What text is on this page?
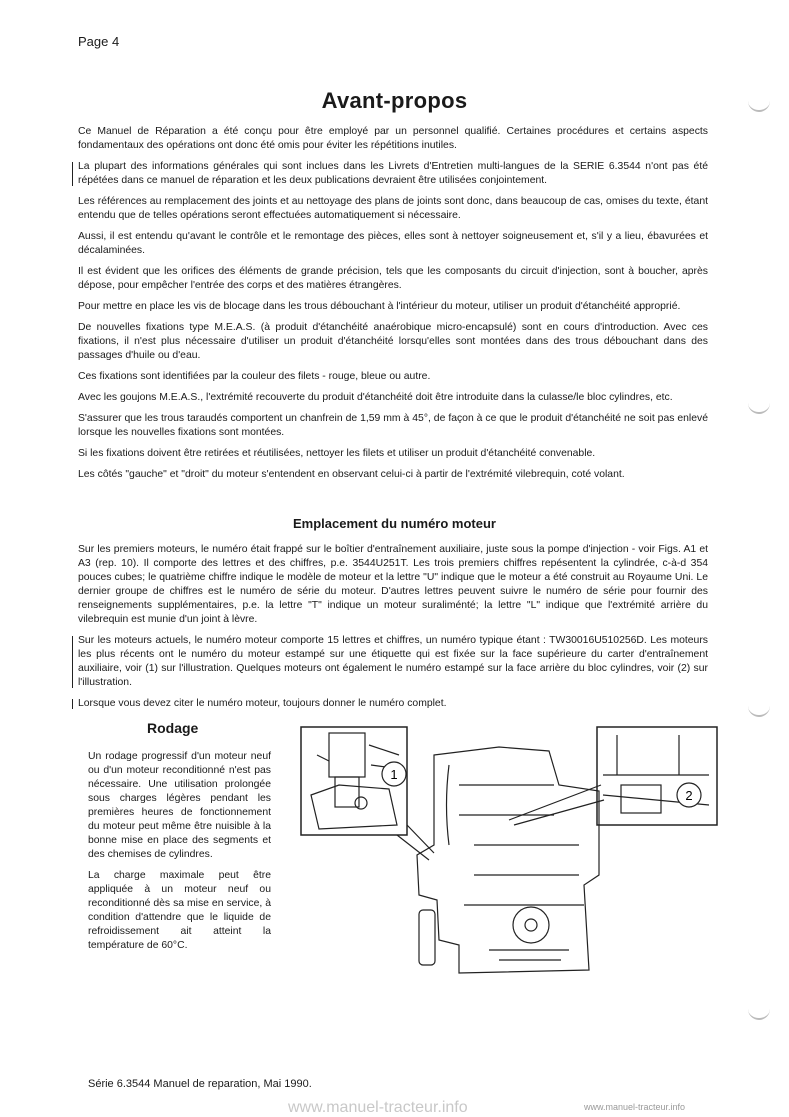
Page 4
Avant-propos

Ce Manuel de Réparation a été conçu pour être employé par un personnel qualifié. Certaines procédures et certains aspects fondamentaux des opérations ont donc été omis pour éviter les répétitions inutiles.

La plupart des informations générales qui sont inclues dans les Livrets d'Entretien multi-langues de la SERIE 6.3544 n'ont pas été répétées dans ce manuel de réparation et les deux publications devraient être utilisées conjointement.

Les références au remplacement des joints et au nettoyage des plans de joints sont donc, dans beaucoup de cas, omises du texte, étant entendu que de telles opérations seront effectuées automatiquement si nécessaire.

Aussi, il est entendu qu'avant le contrôle et le remontage des pièces, elles sont à nettoyer soigneusement et, s'il y a lieu, ébavurées et décalaminées.

Il est évident que les orifices des éléments de grande précision, tels que les composants du circuit d'injection, sont à boucher, après dépose, pour empêcher l'entrée des corps et des matières étrangères.

Pour mettre en place les vis de blocage dans les trous débouchant à l'intérieur du moteur, utiliser un produit d'étanchéité approprié.

De nouvelles fixations type M.E.A.S. (à produit d'étanchéité anaérobique micro-encapsulé) sont en cours d'introduction. Avec ces fixations, il n'est plus nécessaire d'utiliser un produit d'étanchéité lorsqu'elles sont montées dans des trous débouchant dans des passages d'huile ou d'eau.

Ces fixations sont identifiées par la couleur des filets - rouge, bleue ou autre.

Avec les goujons M.E.A.S., l'extrémité recouverte du produit d'étanchéité doit être introduite dans la culasse/le bloc cylindres, etc.

S'assurer que les trous taraudés comportent un chanfrein de 1,59 mm à 45°, de façon à ce que le produit d'étanchéité ne soit pas enlevé lorsque les nouvelles fixations sont montées.

Si les fixations doivent être retirées et réutilisées, nettoyer les filets et utiliser un produit d'étanchéité convenable.

Les côtés "gauche" et "droit" du moteur s'entendent en observant celui-ci à partir de l'extrémité vilebrequin, coté volant.

Emplacement du numéro moteur

Sur les premiers moteurs, le numéro était frappé sur le boîtier d'entraînement auxiliaire, juste sous la pompe d'injection - voir Figs. A1 et A3 (rep. 10). Il comporte des lettres et des chiffres, p.e. 3544U251T. Les trois premiers chiffres repésentent la cylindrée, c-à-d 354 pouces cubes; le quatrième chiffre indique le modèle de moteur et la lettre "U" indique que le moteur a été construit au Royaume Uni. Le dernier groupe de chiffres est le numéro de série du moteur. D'autres lettres peuvent suivre le numéro de série pour fournir des renseignements supplémentaires, p.e. la lettre "T" indique un moteur suraliménté; la lettre "L" indique que l'extrémité arrière du vilebrequin est munie d'un joint à lèvre.

Sur les moteurs actuels, le numéro moteur comporte 15 lettres et chiffres, un numéro typique étant : TW30016U510256D. Les moteurs les plus récents ont le numéro du moteur estampé sur une étiquette qui est fixée sur la face supérieure du carter d'entraînement auxiliaire, voir (1) sur l'illustration. Quelques moteurs ont également le numéro estampé sur la face arrière du bloc cylindres, voir (2) sur l'illustration.

Lorsque vous devez citer le numéro moteur, toujours donner le numéro complet.

Rodage

Un rodage progressif d'un moteur neuf ou d'un moteur reconditionné n'est pas nécessaire. Une utilisation prolongée sous charges légères pendant les premières heures de fonctionnement du moteur peut même être nuisible à la bonne mise en place des segments et des chemises de cylindres.

La charge maximale peut être appliquée à un moteur neuf ou reconditionné dès sa mise en service, à condition d'attendre que le liquide de refroidissement ait atteint la température de 60°C.

1
2
Série 6.3544 Manuel de reparation, Mai 1990.
www.manuel-tracteur.info	www.manuel-tracteur.info
